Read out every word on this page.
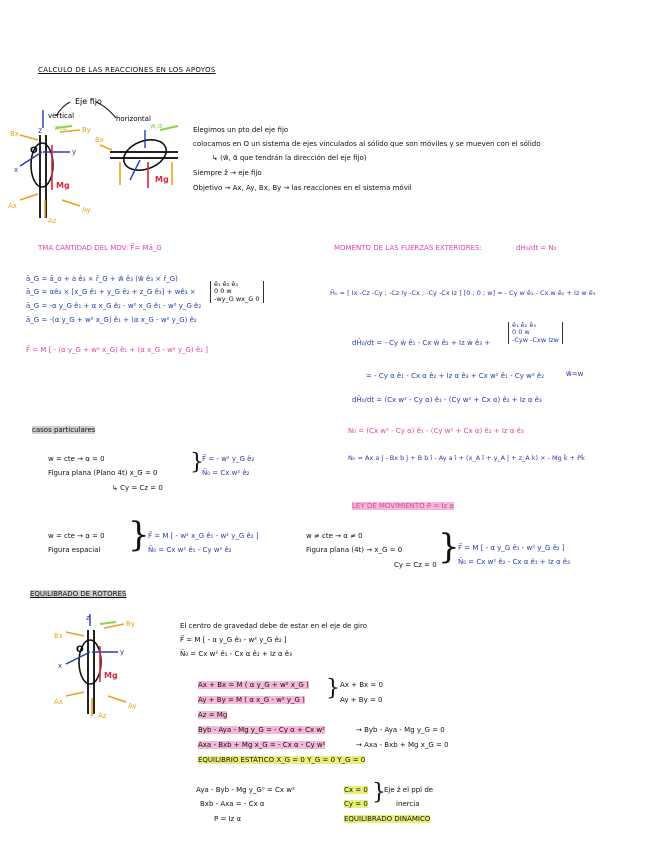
CALCULO DE LAS REACCIONES EN LOS APOYOS
Eje fijo
vertical	horizontal
z w,α
O
x
y
Mg
Bx	By
Ax	Ay
Az
Mg
Bx
w,α	Elegimos un pto del eje fijo
colocamos en O un sistema de ejes vinculados al sólido que son móviles y se mueven con el sólido
↳ (w⃗, α⃗ que tendrán la dirección del eje fijo)
Siempre ẑ → eje fijo
Objetivo → Ax, Ay, Bx, By → las reacciones en el sistema móvil
TMA CANTIDAD DEL MOV: F⃗= Mā_G
ā_G = ā_o + ȧ ê₃ × r̄_G + w⃗ ê₃ (w⃗ ê₃ × r̄_G)
ā_G = αê₃ × [x_G ê₁ + y_G ê₂ + z_G ê₃] + wê₃ ×
ā_G = -α y_G ê₁ + α x_G ê₂ - w² x_G ê₁ - w² y_G ê₂
ā_G = -(α y_G + w² x_G) ê₁ + (α x_G - w² y_G) ê₂
ê₁ ê₂ ê₃
0 0 w
-wy_G wx_G 0
F⃗ = M [ - (α y_G + w² x_G) ê₁ + (α x_G - w² y_G) ê₂ ]
MOMENTO DE LAS FUERZAS EXTERIORES:	dH₀/dt = N₀
H̄₀ = [ Ix -Cz -Cy ; -Cz Iy -Cx ; -Cy -Cx Iz ] [0 ; 0 ; w] = - Cy w ê₁ - Cx w ê₂ + Iz w ê₃
dH̄₀/dt = - Cy ẇ ê₁ - Cx ẇ ê₂ + Iz ẇ ê₃ +
ê₁ ê₂ ê₃
0 0 w
-Cyw -Cxw Izw
w⃗=w
= - Cy α ê₁ - Cx α ê₂ + Iz α ê₃ + Cx w² ê₁ - Cy w² ê₂
dH̄₀/dt = (Cx w² - Cy α) ê₁ - (Cy w² + Cx α) ê₂ + Iz α ê₃
N₀ = (Cx w² - Cy α) ê₁ - (Cy w² + Cx α) ê₂ + Iz α ê₃
N₀ = Ax a ĵ - Bx b ĵ + B b î - Ay a î + (x_A î + y_A ĵ + z_A k) × - Mg k̂ + Pk̂
casos particulares
w = cte → α = 0
Figura plana (Plano 4t) x_G = 0
↳ Cy = Cz = 0
}
F⃗ = - w² y_G ê₂
N̄₀ = Cx w² ê₂
LEY DE MOVIMIENTO P = Iz α
w = cte → α = 0
Figura espacial }
F⃗ = M [ - w² x_G ê₁ - w² y_G ê₂ ]
N̄₀ = Cx w² ê₁ - Cy w² ê₂
w ≠ cte → α ≠ 0
Figura plana (4t) → x_G = 0
Cy = Cz = 0 }
F⃗ = M [ - α y_G ê₁ - w² y_G ê₂ ]
N̄₀ = Cx w² ê₂ - Cx α ê₁ + Iz α ê₃
EQUILIBRADO DE ROTORES
Bx
By
O
x
y
Mg
Ax	Ay
Az
z
El centro de gravedad debe de estar en el eje de giro
F⃗ = M [ - α y_G ê₁ - w² y_G ê₂ ]
N̄₀ = Cx w² ê₁ - Cx α ê₂ + Iz α ê₃
Ax + Bx = M ( α y_G + w² x_G )
Ay + By = M ( α x_G - w² y_G )
Az = Mg
Byb - Aya - Mg y_G = - Cy α + Cx w²
Axa - Bxb + Mg x_G = - Cx α - Cy w²
} Ax + Bx = 0
Ay + By = 0
→ Byb - Aya - Mg y_G = 0
→ Axa - Bxb + Mg x_G = 0
EQUILIBRIO ESTÁTICO X_G = 0 Y_G = 0 Y_G = 0
Aya - Byb - Mg y_G⁰ = Cx w²
Bxb - Axa = - Cx α
P = Iz α
Cx = 0
Cy = 0 }
Eje ẑ el ppl de
inercia
EQUILIBRADO DINÁMICO
